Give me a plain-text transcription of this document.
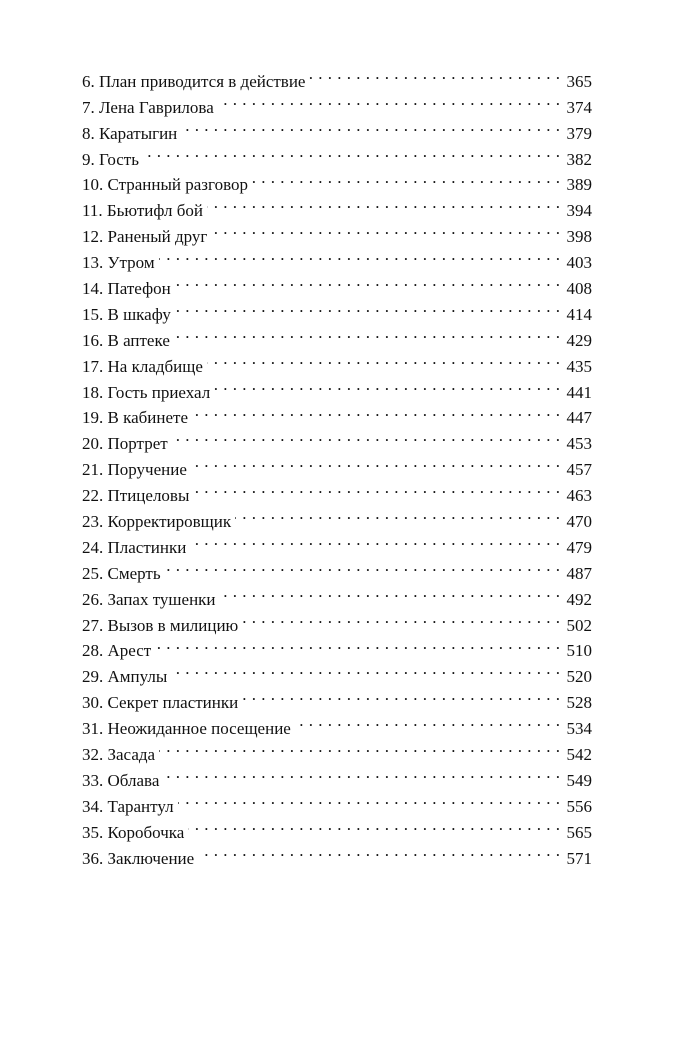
6. План приводится в действие . . .	365
7. Лена Гаврилова . . .	374
8. Каратыгин . . .	379
9. Гость . . .	382
10. Странный разговор . . .	389
11. Бьютифл бой . . .	394
12. Раненый друг . . .	398
13. Утром . . .	403
14. Патефон . . .	408
15. В шкафу . . .	414
16. В аптеке . . .	429
17. На кладбище . . .	435
18. Гость приехал . . .	441
19. В кабинете . . .	447
20. Портрет . . .	453
21. Поручение . . .	457
22. Птицеловы . . .	463
23. Корректировщик . . .	470
24. Пластинки . . .	479
25. Смерть . . .	487
26. Запах тушенки . . .	492
27. Вызов в милицию . . .	502
28. Арест . . .	510
29. Ампулы . . .	520
30. Секрет пластинки . . .	528
31. Неожиданное посещение . . .	534
32. Засада . . .	542
33. Облава . . .	549
34. Тарантул . . .	556
35. Коробочка . . .	565
36. Заключение . . .	571
